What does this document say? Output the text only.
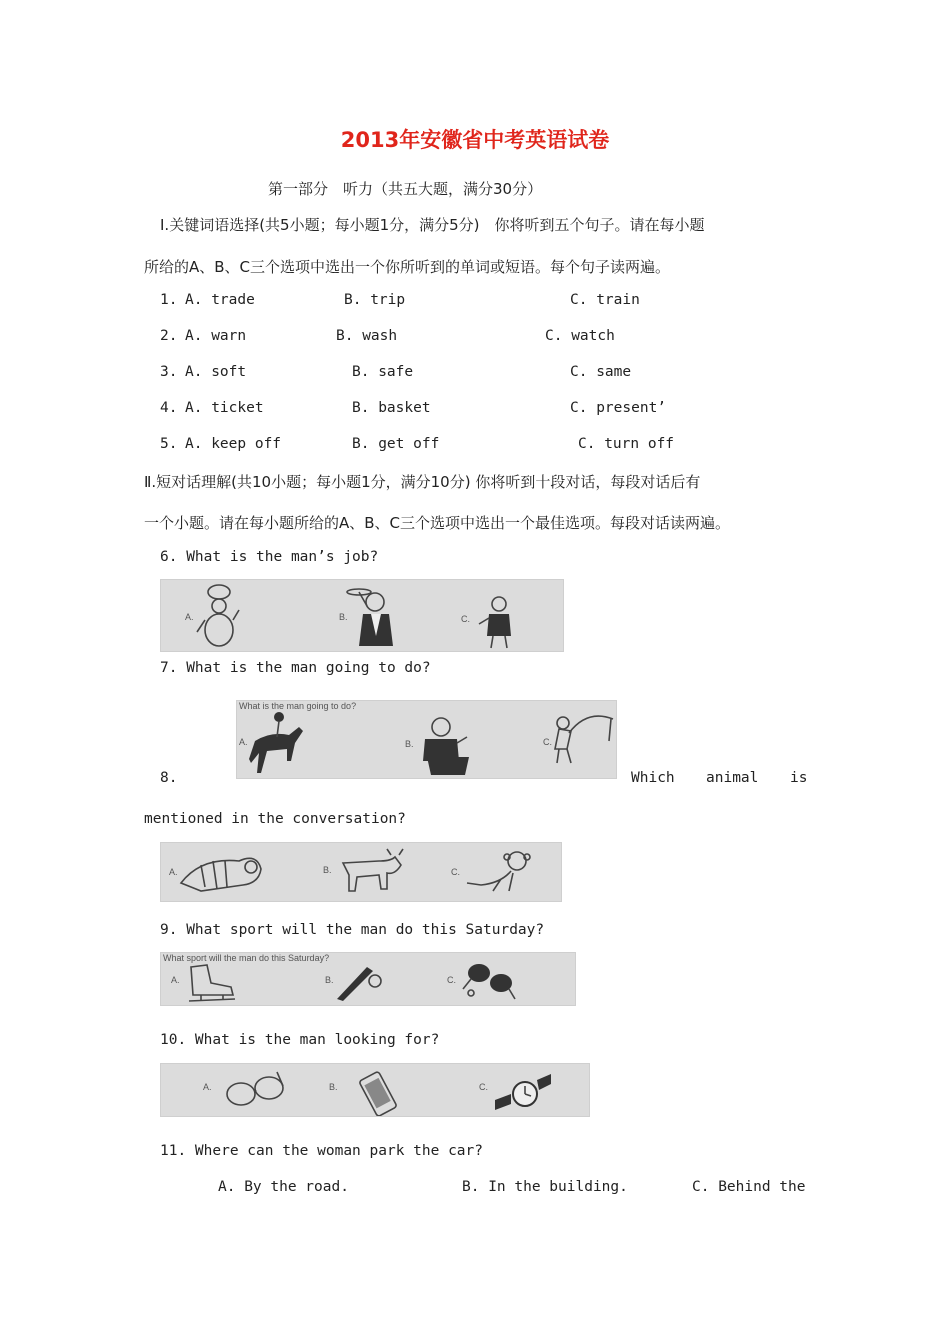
2013年安徽省中考英语试卷
第一部分　听力（共五大题，满分30分）
I.关键词语选择(共5小题；每小题1分，满分5分)　你将听到五个句子。请在每小题
所给的A、B、C三个选项中选出一个你所听到的单词或短语。每个句子读两遍。
1. A. trade	B. trip	C. train
2. A. warn	B. wash	C. watch
3. A. soft	B. safe	C. same
4. A. ticket	B. basket	C. present’
5. A. keep off	B. get off	C. turn off
Ⅱ.短对话理解(共10小题；每小题1分，满分10分) 你将听到十段对话，每段对话后有
一个小题。请在每小题所给的A、B、C三个选项中选出一个最佳选项。每段对话读两遍。
6. What is the man’s job?
A.	B.	C.
7. What is the man going to do?
What is the man going to do?
A.	B.	C.
8.	Which animal is
mentioned in the conversation?
A.	B.	C.
9. What sport will the man do this Saturday?
What sport will the man do this Saturday?
A.	B.	C.
10. What is the man looking for?
A.	B.	C.
11. Where can the woman park the car?
A. By the road.	B. In the building.	C. Behind the
